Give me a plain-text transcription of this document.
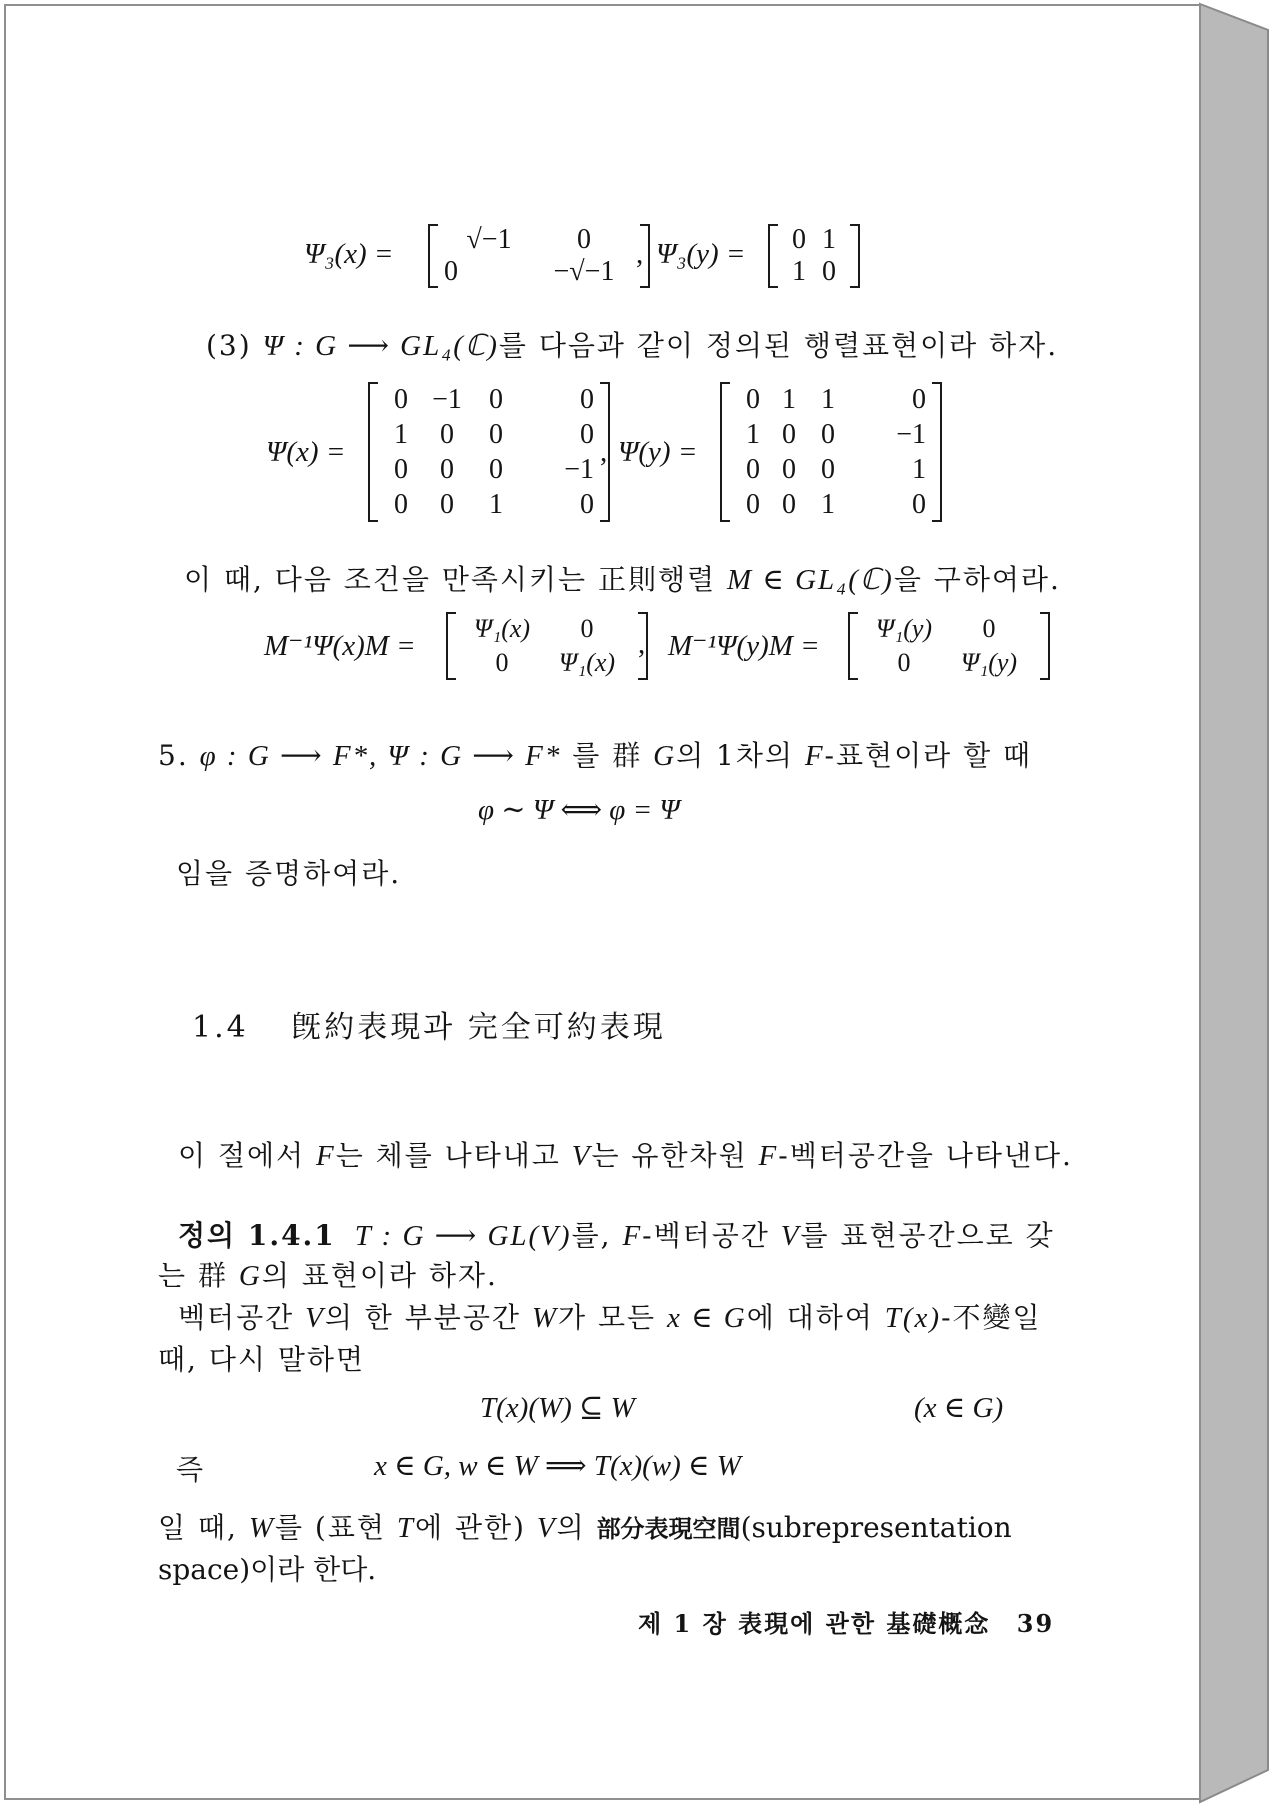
Ψ₃(x) =	√−1	0
0	−√−1
, Ψ₃(y) = 0 1
1 0
(3) Ψ : G ⟶ GL₄(ℂ)를 다음과 같이 정의된 행렬표현이라 하자.
Ψ(x) =
0 −1 0	0
1	0	0	0
0	0	0	−1
0	0	1	0
, Ψ(y) =
0 1 1	0
1 0 0	−1
0 0 0	1
0 0 1	0
이 때, 다음 조건을 만족시키는 正則행렬 M ∈ GL₄(ℂ)을 구하여라.
M⁻¹Ψ(x)M =
Ψ₁(x)	0
0	Ψ₁(x)
, M⁻¹Ψ(y)M =
Ψ₁(y)	0
0	Ψ₁(y)
5. φ : G ⟶ F*, Ψ : G ⟶ F* 를 群 G의 1차의 F-표현이라 할 때
φ ∼ Ψ ⟺ φ = Ψ
임을 증명하여라.
1.4 旣約表現과 完全可約表現
이 절에서 F는 체를 나타내고 V는 유한차원 F-벡터공간을 나타낸다.
정의 1.4.1 T : G ⟶ GL(V)를, F-벡터공간 V를 표현공간으로 갖
는 群 G의 표현이라 하자.
벡터공간 V의 한 부분공간 W가 모든 x ∈ G에 대하여 T(x)-不變일
때, 다시 말하면
T(x)(W) ⊆ W	(x ∈ G)
즉	x ∈ G, w ∈ W ⟹ T(x)(w) ∈ W
일 때, W를 (표현 T에 관한) V의 部分表現空間(subrepresentation
space)이라 한다.
제 1 장 表現에 관한 基礎概念 39
